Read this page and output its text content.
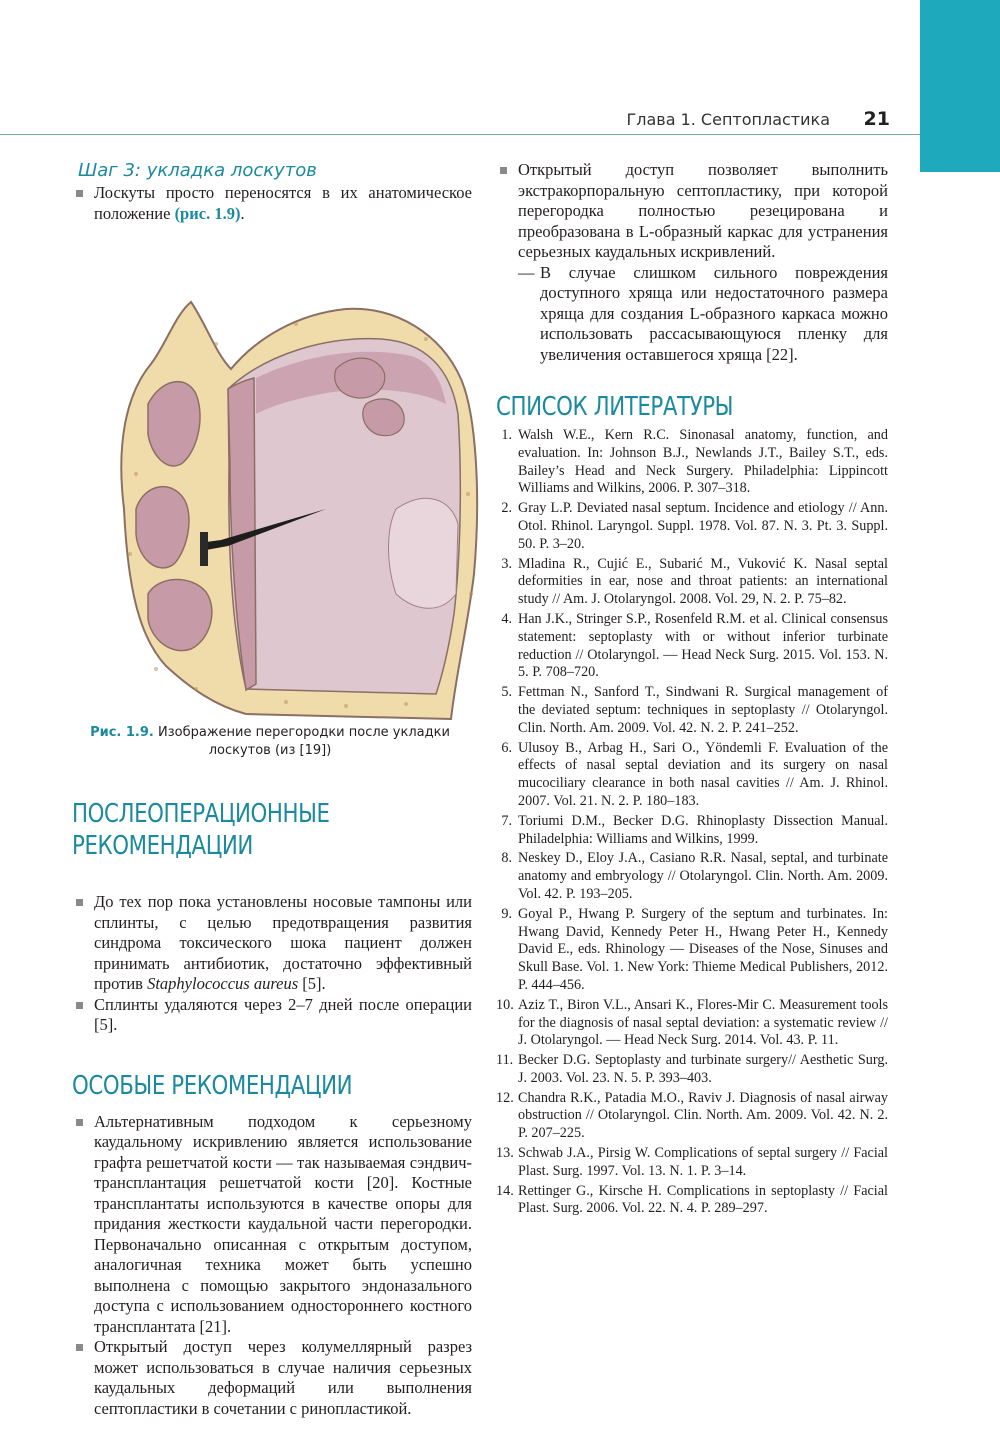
Глава 1. Септопластика	21

Шаг 3: укладка лоскутов

Лоскуты просто переносятся в их анатомическое положение (рис. 1.9).

Рис. 1.9. Изображение перегородки после укладки лоскутов (из [19])

ПОСЛЕОПЕРАЦИОННЫЕ
РЕКОМЕНДАЦИИ
До тех пор пока установлены носовые тампоны или сплинты, с целью предотвращения развития синдрома токсического шока пациент должен принимать антибиотик, достаточно эффективный против Staphylococcus aureus [5].
Сплинты удаляются через 2–7 дней после операции [5].
ОСОБЫЕ РЕКОМЕНДАЦИИ
Альтернативным подходом к серьезному каудальному искривлению является использование графта решетчатой кости — так называемая сэндвич-трансплантация решетчатой кости [20]. Костные трансплантаты используются в качестве опоры для придания жесткости каудальной части перегородки. Первоначально описанная с открытым доступом, аналогичная техника может быть успешно выполнена с помощью закрытого эндоназального доступа с использованием одностороннего костного трансплантата [21].
Открытый доступ через колумеллярный разрез может использоваться в случае наличия серьезных каудальных деформаций или выполнения септопластики в сочетании с ринопластикой.
Открытый доступ позволяет выполнить экстракорпоральную септопластику, при которой перегородка полностью резецирована и преобразована в L-образный каркас для устранения серьезных каудальных искривлений.
— В случае слишком сильного повреждения доступного хряща или недостаточного размера хряща для создания L-образного каркаса можно использовать рассасывающуюся пленку для увеличения оставшегося хряща [22].
СПИСОК ЛИТЕРАТУРЫ
1. Walsh W.E., Kern R.C. Sinonasal anatomy, function, and evaluation. In: Johnson B.J., Newlands J.T., Bailey S.T., eds. Bailey’s Head and Neck Surgery. Philadelphia: Lippincott Williams and Wilkins, 2006. P. 307–318.
2. Gray L.P. Deviated nasal septum. Incidence and etiology // Ann. Otol. Rhinol. Laryngol. Suppl. 1978. Vol. 87. N. 3. Pt. 3. Suppl. 50. P. 3–20.
3. Mladina R., Cujić E., Subarić M., Vuković K. Nasal septal deformities in ear, nose and throat patients: an international study // Am. J. Otolaryngol. 2008. Vol. 29, N. 2. P. 75–82.
4. Han J.K., Stringer S.P., Rosenfeld R.M. et al. Clinical consensus statement: septoplasty with or without inferior turbinate reduction // Otolaryngol. — Head Neck Surg. 2015. Vol. 153. N. 5. P. 708–720.
5. Fettman N., Sanford T., Sindwani R. Surgical management of the deviated septum: techniques in septoplasty // Otolaryngol. Clin. North. Am. 2009. Vol. 42. N. 2. P. 241–252.
6. Ulusoy B., Arbag H., Sari O., Yöndemli F. Evaluation of the effects of nasal septal deviation and its surgery on nasal mucociliary clearance in both nasal cavities // Am. J. Rhinol. 2007. Vol. 21. N. 2. P. 180–183.
7. Toriumi D.M., Becker D.G. Rhinoplasty Dissection Manual. Philadelphia: Williams and Wilkins, 1999.
8. Neskey D., Eloy J.A., Casiano R.R. Nasal, septal, and turbinate anatomy and embryology // Otolaryngol. Clin. North. Am. 2009. Vol. 42. P. 193–205.
9. Goyal P., Hwang P. Surgery of the septum and turbinates. In: Hwang David, Kennedy Peter H., Hwang Peter H., Kennedy David E., eds. Rhinology — Diseases of the Nose, Sinuses and Skull Base. Vol. 1. New York: Thieme Medical Publishers, 2012. P. 444–456.
10. Aziz T., Biron V.L., Ansari K., Flores-Mir C. Measurement tools for the diagnosis of nasal septal deviation: a systematic review // J. Otolaryngol. — Head Neck Surg. 2014. Vol. 43. P. 11.
11. Becker D.G. Septoplasty and turbinate surgery// Aesthetic Surg. J. 2003. Vol. 23. N. 5. P. 393–403.
12. Chandra R.K., Patadia M.O., Raviv J. Diagnosis of nasal airway obstruction // Otolaryngol. Clin. North. Am. 2009. Vol. 42. N. 2. P. 207–225.
13. Schwab J.A., Pirsig W. Complications of septal surgery // Facial Plast. Surg. 1997. Vol. 13. N. 1. P. 3–14.
14. Rettinger G., Kirsche H. Complications in septoplasty // Facial Plast. Surg. 2006. Vol. 22. N. 4. P. 289–297.
